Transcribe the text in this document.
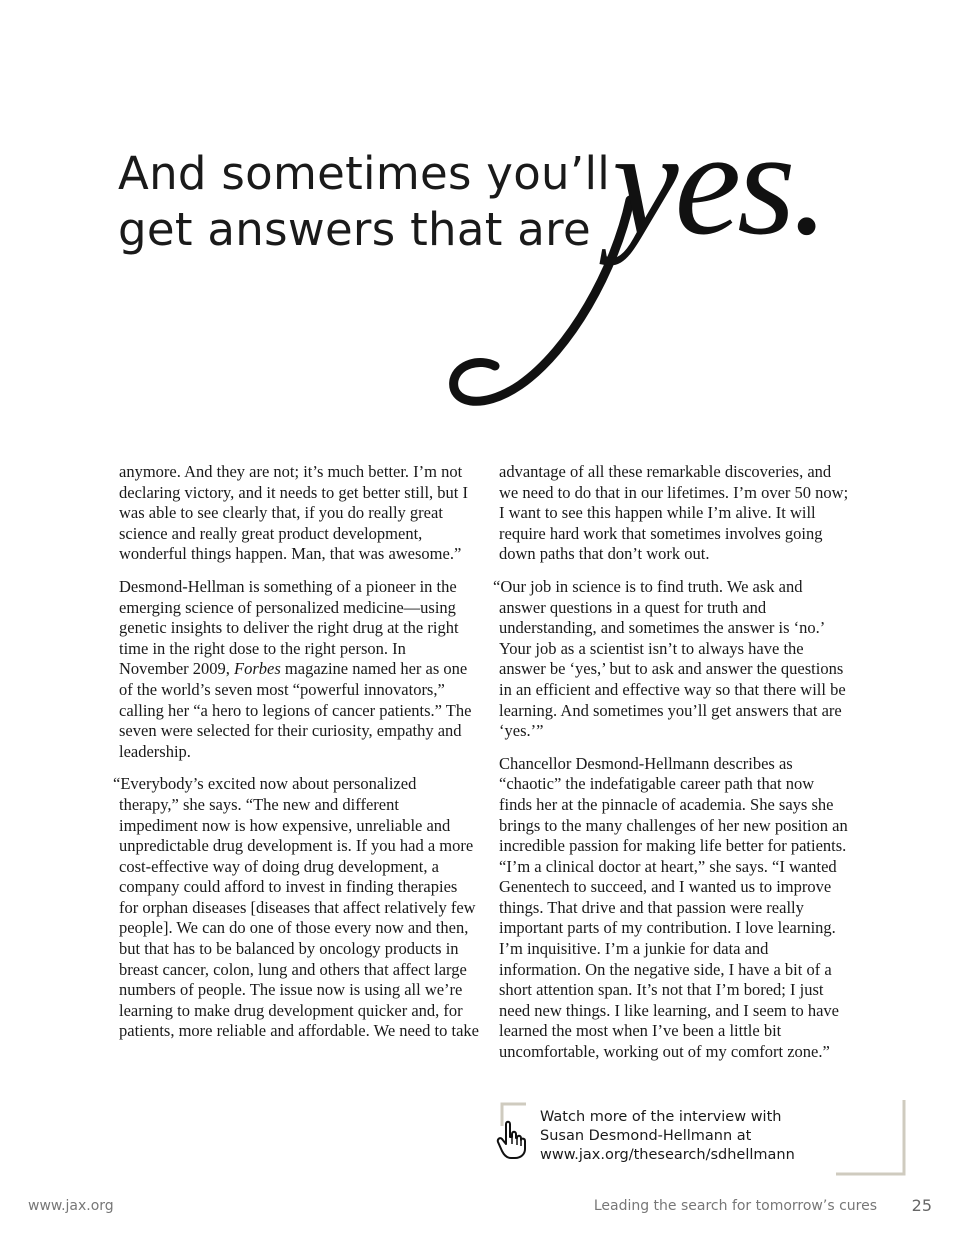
And sometimes you’ll
get answers that are yes.

anymore. And they are not; it’s much better. I’m not declaring victory, and it needs to get better still, but I was able to see clearly that, if you do really great science and really great product development, wonderful things happen. Man, that was awesome.”

Desmond-Hellman is something of a pioneer in the emerging science of personalized medicine—using genetic insights to deliver the right drug at the right time in the right dose to the right person. In November 2009, Forbes magazine named her as one of the world’s seven most “powerful innovators,” calling her “a hero to legions of cancer patients.” The seven were selected for their curiosity, empathy and leadership.

“Everybody’s excited now about personalized therapy,” she says. “The new and different impediment now is how expensive, unreliable and unpredictable drug development is. If you had a more cost-effective way of doing drug development, a company could afford to invest in finding therapies for orphan diseases [diseases that affect relatively few people]. We can do one of those every now and then, but that has to be balanced by oncology products in breast cancer, colon, lung and others that affect large numbers of people. The issue now is using all we’re learning to make drug development quicker and, for patients, more reliable and affordable. We need to take

advantage of all these remarkable discoveries, and we need to do that in our lifetimes. I’m over 50 now; I want to see this happen while I’m alive. It will require hard work that sometimes involves going down paths that don’t work out.

“Our job in science is to find truth. We ask and answer questions in a quest for truth and understanding, and sometimes the answer is ‘no.’ Your job as a scientist isn’t to always have the answer be ‘yes,’ but to ask and answer the questions in an efficient and effective way so that there will be learning. And sometimes you’ll get answers that are ‘yes.’”

Chancellor Desmond-Hellmann describes as “chaotic” the indefatigable career path that now finds her at the pinnacle of academia. She says she brings to the many challenges of her new position an incredible passion for making life better for patients. “I’m a clinical doctor at heart,” she says. “I wanted Genentech to succeed, and I wanted us to improve things. That drive and that passion were really important parts of my contribution. I love learning. I’m inquisitive. I’m a junkie for data and information. On the negative side, I have a bit of a short attention span. It’s not that I’m bored; I just need new things. I like learning, and I seem to have learned the most when I’ve been a little bit uncomfortable, working out of my comfort zone.”

Watch more of the interview with
Susan Desmond-Hellmann at
www.jax.org/thesearch/sdhellmann
www.jax.org	Leading the search for tomorrow’s cures 25
